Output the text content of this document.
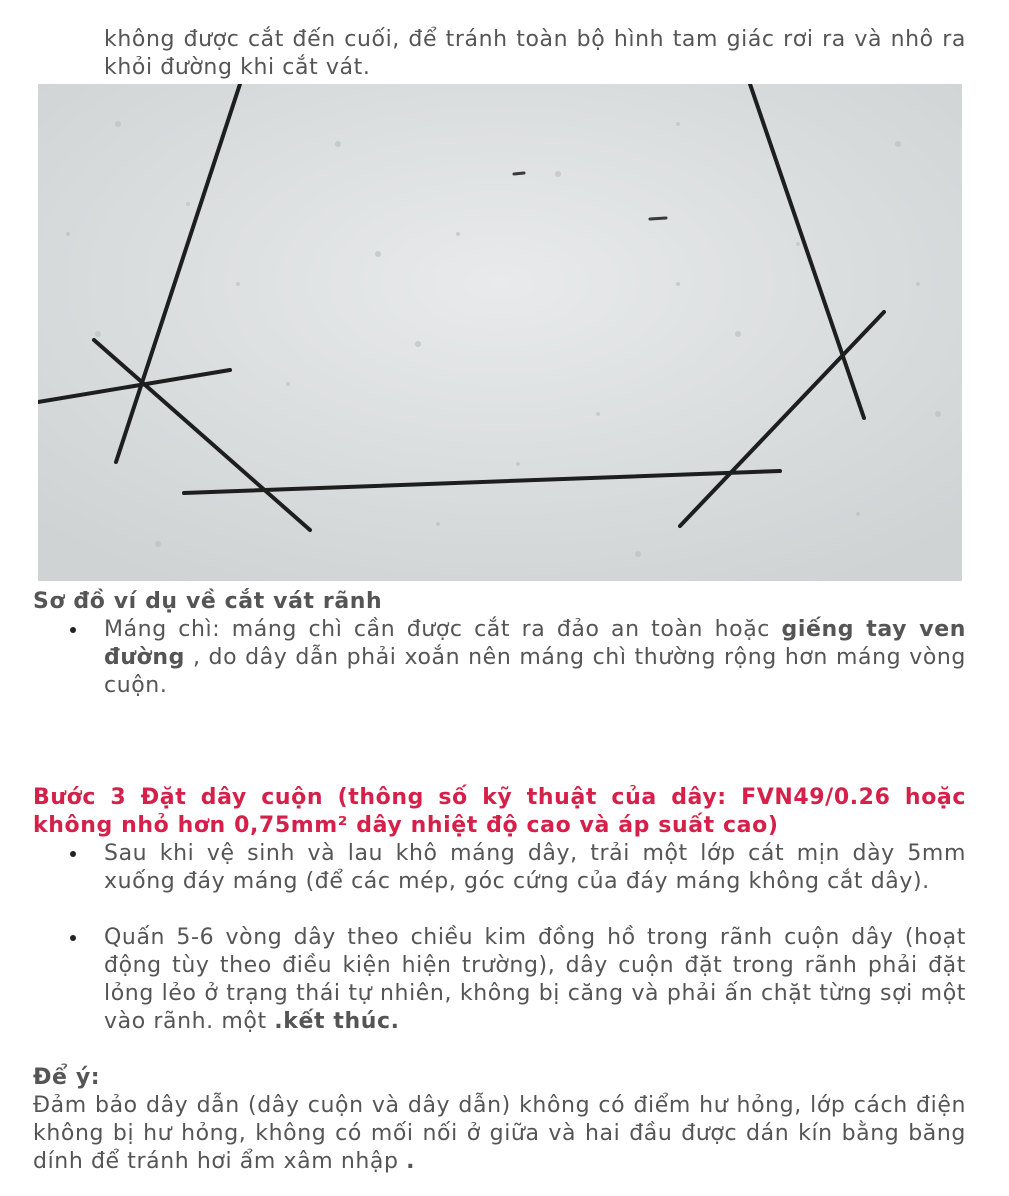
không được cắt đến cuối, để tránh toàn bộ hình tam giác rơi ra và nhô ra khỏi đường khi cắt vát.

Sơ đồ ví dụ về cắt vát rãnh

Máng chì: máng chì cần được cắt ra đảo an toàn hoặc giếng tay ven đường , do dây dẫn phải xoắn nên máng chì thường rộng hơn máng vòng cuộn.

Bước 3 Đặt dây cuộn (thông số kỹ thuật của dây: FVN49/0.26 hoặc không nhỏ hơn 0,75mm² dây nhiệt độ cao và áp suất cao)

Sau khi vệ sinh và lau khô máng dây, trải một lớp cát mịn dày 5mm xuống đáy máng (để các mép, góc cứng của đáy máng không cắt dây).
Quấn 5-6 vòng dây theo chiều kim đồng hồ trong rãnh cuộn dây (hoạt động tùy theo điều kiện hiện trường), dây cuộn đặt trong rãnh phải đặt lỏng lẻo ở trạng thái tự nhiên, không bị căng và phải ấn chặt từng sợi một vào rãnh. một .kết thúc.

Để ý:

Đảm bảo dây dẫn (dây cuộn và dây dẫn) không có điểm hư hỏng, lớp cách điện không bị hư hỏng, không có mối nối ở giữa và hai đầu được dán kín bằng băng dính để tránh hơi ẩm xâm nhập .
